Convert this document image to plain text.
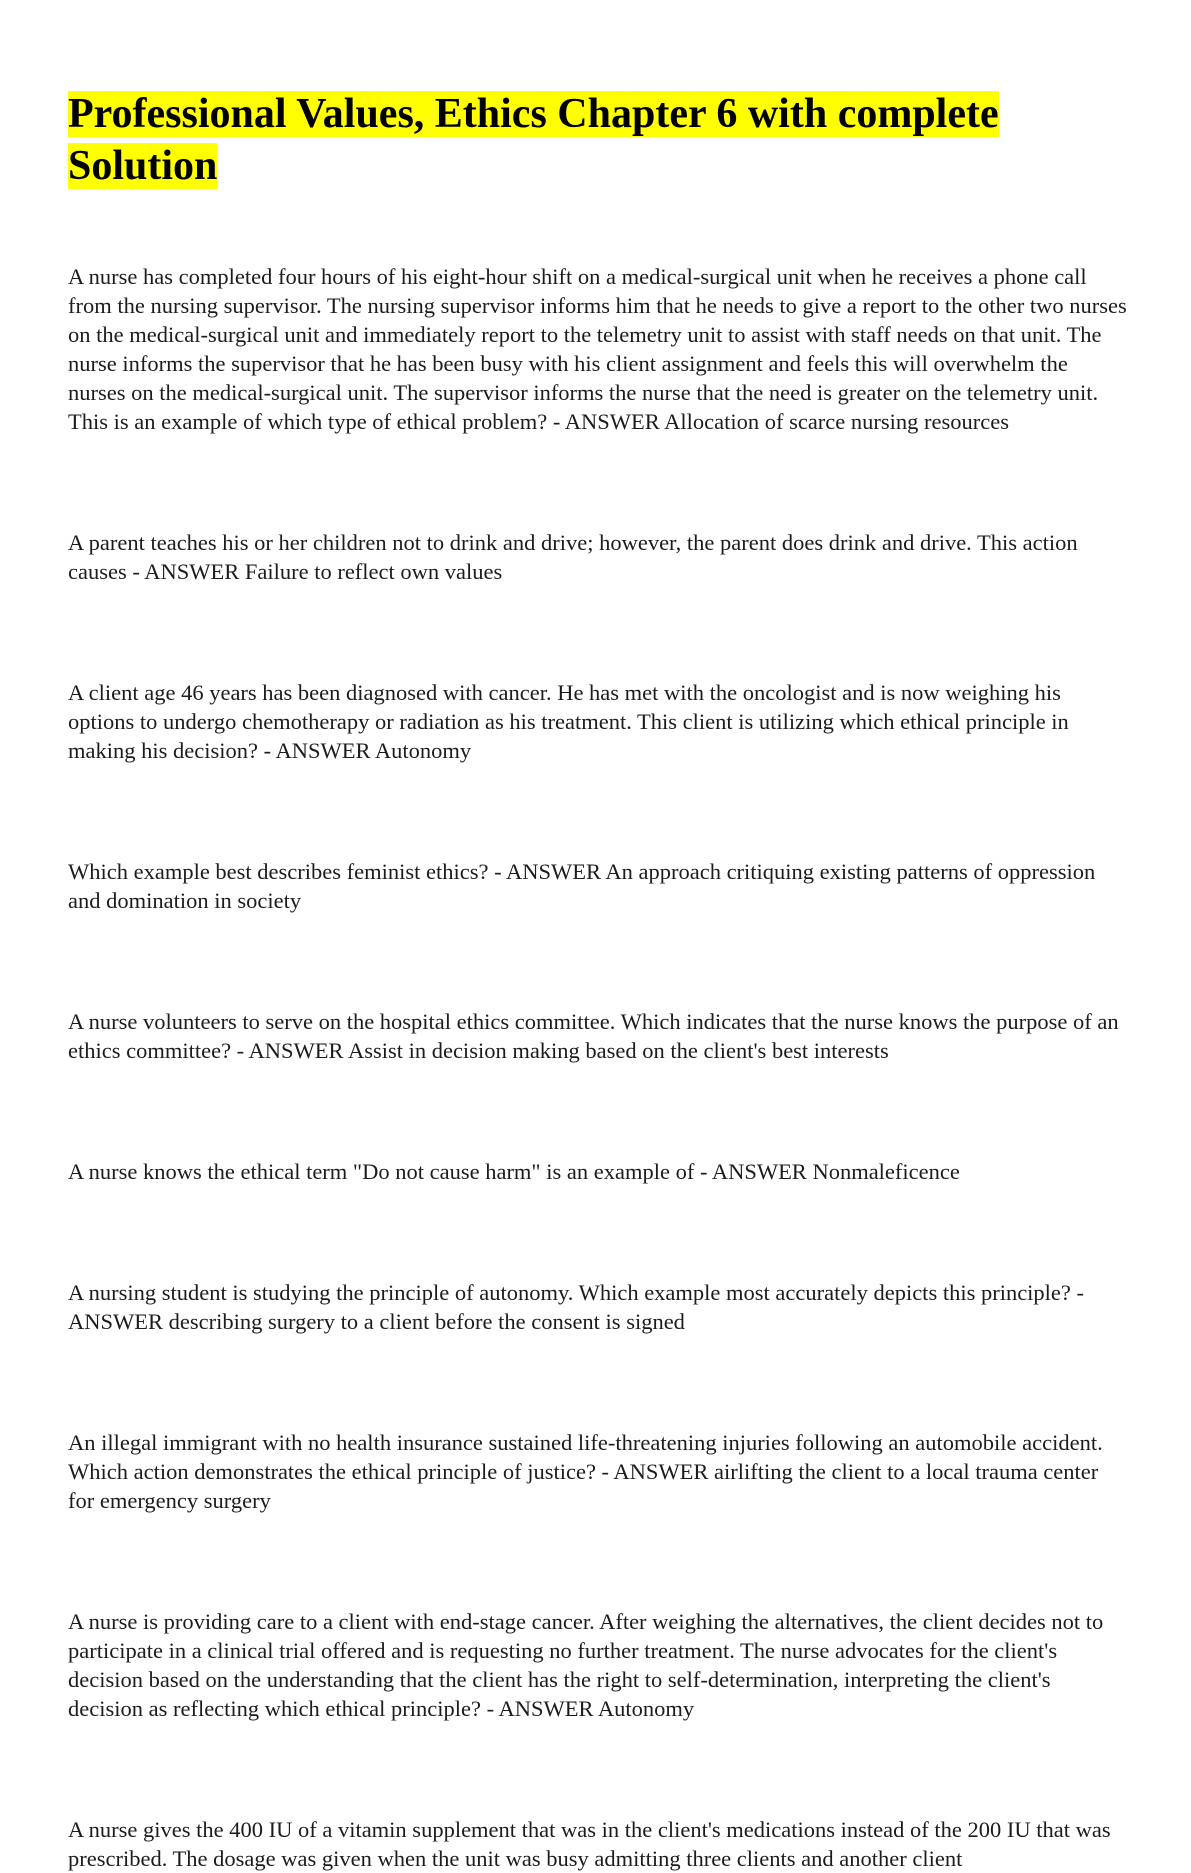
Professional Values, Ethics Chapter 6 with complete
Solution

A nurse has completed four hours of his eight-hour shift on a medical-surgical unit when he receives a phone call from the nursing supervisor. The nursing supervisor informs him that he needs to give a report to the other two nurses on the medical-surgical unit and immediately report to the telemetry unit to assist with staff needs on that unit. The nurse informs the supervisor that he has been busy with his client assignment and feels this will overwhelm the nurses on the medical-surgical unit. The supervisor informs the nurse that the need is greater on the telemetry unit. This is an example of which type of ethical problem? - ANSWER Allocation of scarce nursing resources

A parent teaches his or her children not to drink and drive; however, the parent does drink and drive. This action causes - ANSWER Failure to reflect own values

A client age 46 years has been diagnosed with cancer. He has met with the oncologist and is now weighing his options to undergo chemotherapy or radiation as his treatment. This client is utilizing which ethical principle in making his decision? - ANSWER Autonomy

Which example best describes feminist ethics? - ANSWER An approach critiquing existing patterns of oppression and domination in society

A nurse volunteers to serve on the hospital ethics committee. Which indicates that the nurse knows the purpose of an ethics committee? - ANSWER Assist in decision making based on the client's best interests

A nurse knows the ethical term "Do not cause harm" is an example of - ANSWER Nonmaleficence

A nursing student is studying the principle of autonomy. Which example most accurately depicts this principle? - ANSWER describing surgery to a client before the consent is signed

An illegal immigrant with no health insurance sustained life-threatening injuries following an automobile accident. Which action demonstrates the ethical principle of justice? - ANSWER airlifting the client to a local trauma center for emergency surgery

A nurse is providing care to a client with end-stage cancer. After weighing the alternatives, the client decides not to participate in a clinical trial offered and is requesting no further treatment. The nurse advocates for the client's decision based on the understanding that the client has the right to self-determination, interpreting the client's decision as reflecting which ethical principle? - ANSWER Autonomy

A nurse gives the 400 IU of a vitamin supplement that was in the client's medications instead of the 200 IU that was prescribed. The dosage was given when the unit was busy admitting three clients and another client
